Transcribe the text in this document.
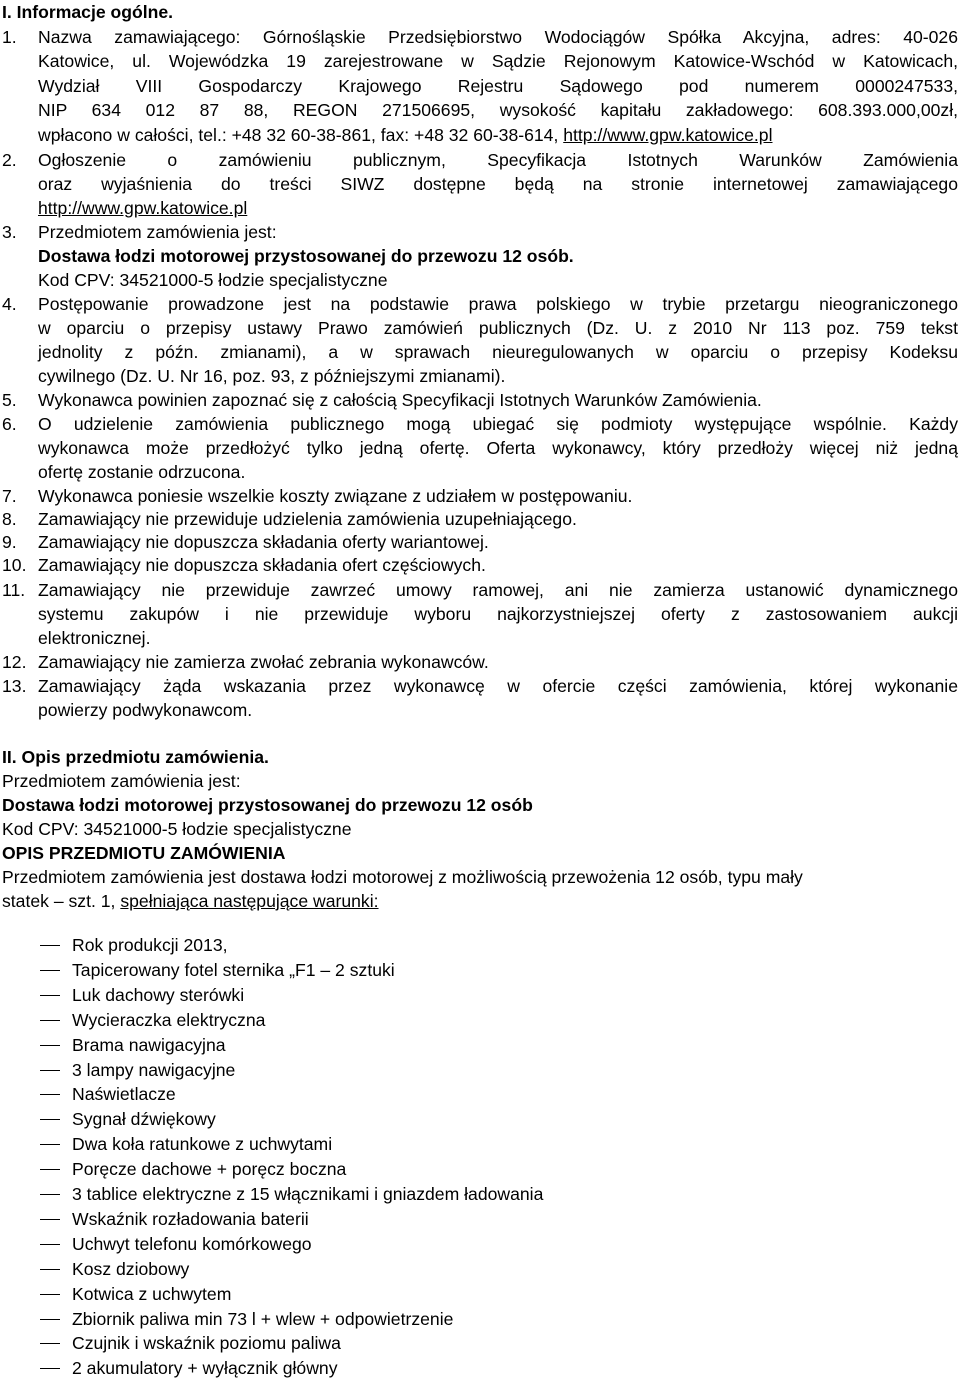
I. Informacje ogólne.
1. Nazwa zamawiającego: Górnośląskie Przedsiębiorstwo Wodociągów Spółka Akcyjna, adres: 40-026
Katowice, ul. Wojewódzka 19 zarejestrowane w Sądzie Rejonowym Katowice-Wschód w Katowicach,
Wydział VIII Gospodarczy Krajowego Rejestru Sądowego pod numerem 0000247533,
NIP 634 012 87 88, REGON 271506695, wysokość kapitału zakładowego: 608.393.000,00zł,
wpłacono w całości, tel.: +48 32 60-38-861, fax: +48 32 60-38-614, http://www.gpw.katowice.pl
2. Ogłoszenie o zamówieniu publicznym, Specyfikacja Istotnych Warunków Zamówienia
oraz wyjaśnienia do treści SIWZ dostępne będą na stronie internetowej zamawiającego
http://www.gpw.katowice.pl
3. Przedmiotem zamówienia jest:
Dostawa łodzi motorowej przystosowanej do przewozu 12 osób.
Kod CPV: 34521000-5 łodzie specjalistyczne
4. Postępowanie prowadzone jest na podstawie prawa polskiego w trybie przetargu nieograniczonego
w oparciu o przepisy ustawy Prawo zamówień publicznych (Dz. U. z 2010 Nr 113 poz. 759 tekst
jednolity z późn. zmianami), a w sprawach nieuregulowanych w oparciu o przepisy Kodeksu
cywilnego (Dz. U. Nr 16, poz. 93, z późniejszymi zmianami).
5. Wykonawca powinien zapoznać się z całością Specyfikacji Istotnych Warunków Zamówienia.
6. O udzielenie zamówienia publicznego mogą ubiegać się podmioty występujące wspólnie. Każdy
wykonawca może przedłożyć tylko jedną ofertę. Oferta wykonawcy, który przedłoży więcej niż jedną
ofertę zostanie odrzucona.
7. Wykonawca poniesie wszelkie koszty związane z udziałem w postępowaniu.
8. Zamawiający nie przewiduje udzielenia zamówienia uzupełniającego.
9. Zamawiający nie dopuszcza składania oferty wariantowej.
10. Zamawiający nie dopuszcza składania ofert częściowych.
11. Zamawiający nie przewiduje zawrzeć umowy ramowej, ani nie zamierza ustanowić dynamicznego
systemu zakupów i nie przewiduje wyboru najkorzystniejszej oferty z zastosowaniem aukcji
elektronicznej.
12. Zamawiający nie zamierza zwołać zebrania wykonawców.
13. Zamawiający żąda wskazania przez wykonawcę w ofercie części zamówienia, której wykonanie
powierzy podwykonawcom.
II. Opis przedmiotu zamówienia.
Przedmiotem zamówienia jest:
Dostawa łodzi motorowej przystosowanej do przewozu 12 osób
Kod CPV: 34521000-5 łodzie specjalistyczne
OPIS PRZEDMIOTU ZAMÓWIENIA
Przedmiotem zamówienia jest dostawa łodzi motorowej z możliwością przewożenia 12 osób, typu mały
statek – szt. 1, spełniająca następujące warunki:
Rok produkcji 2013,
Tapicerowany fotel sternika „F1 – 2 sztuki
Luk dachowy sterówki
Wycieraczka elektryczna
Brama nawigacyjna
3 lampy nawigacyjne
Naświetlacze
Sygnał dźwiękowy
Dwa koła ratunkowe z uchwytami
Poręcze dachowe + poręcz boczna
3 tablice elektryczne z 15 włącznikami i gniazdem ładowania
Wskaźnik rozładowania baterii
Uchwyt telefonu komórkowego
Kosz dziobowy
Kotwica z uchwytem
Zbiornik paliwa min 73 l + wlew + odpowietrzenie
Czujnik i wskaźnik poziomu paliwa
2 akumulatory + wyłącznik główny
